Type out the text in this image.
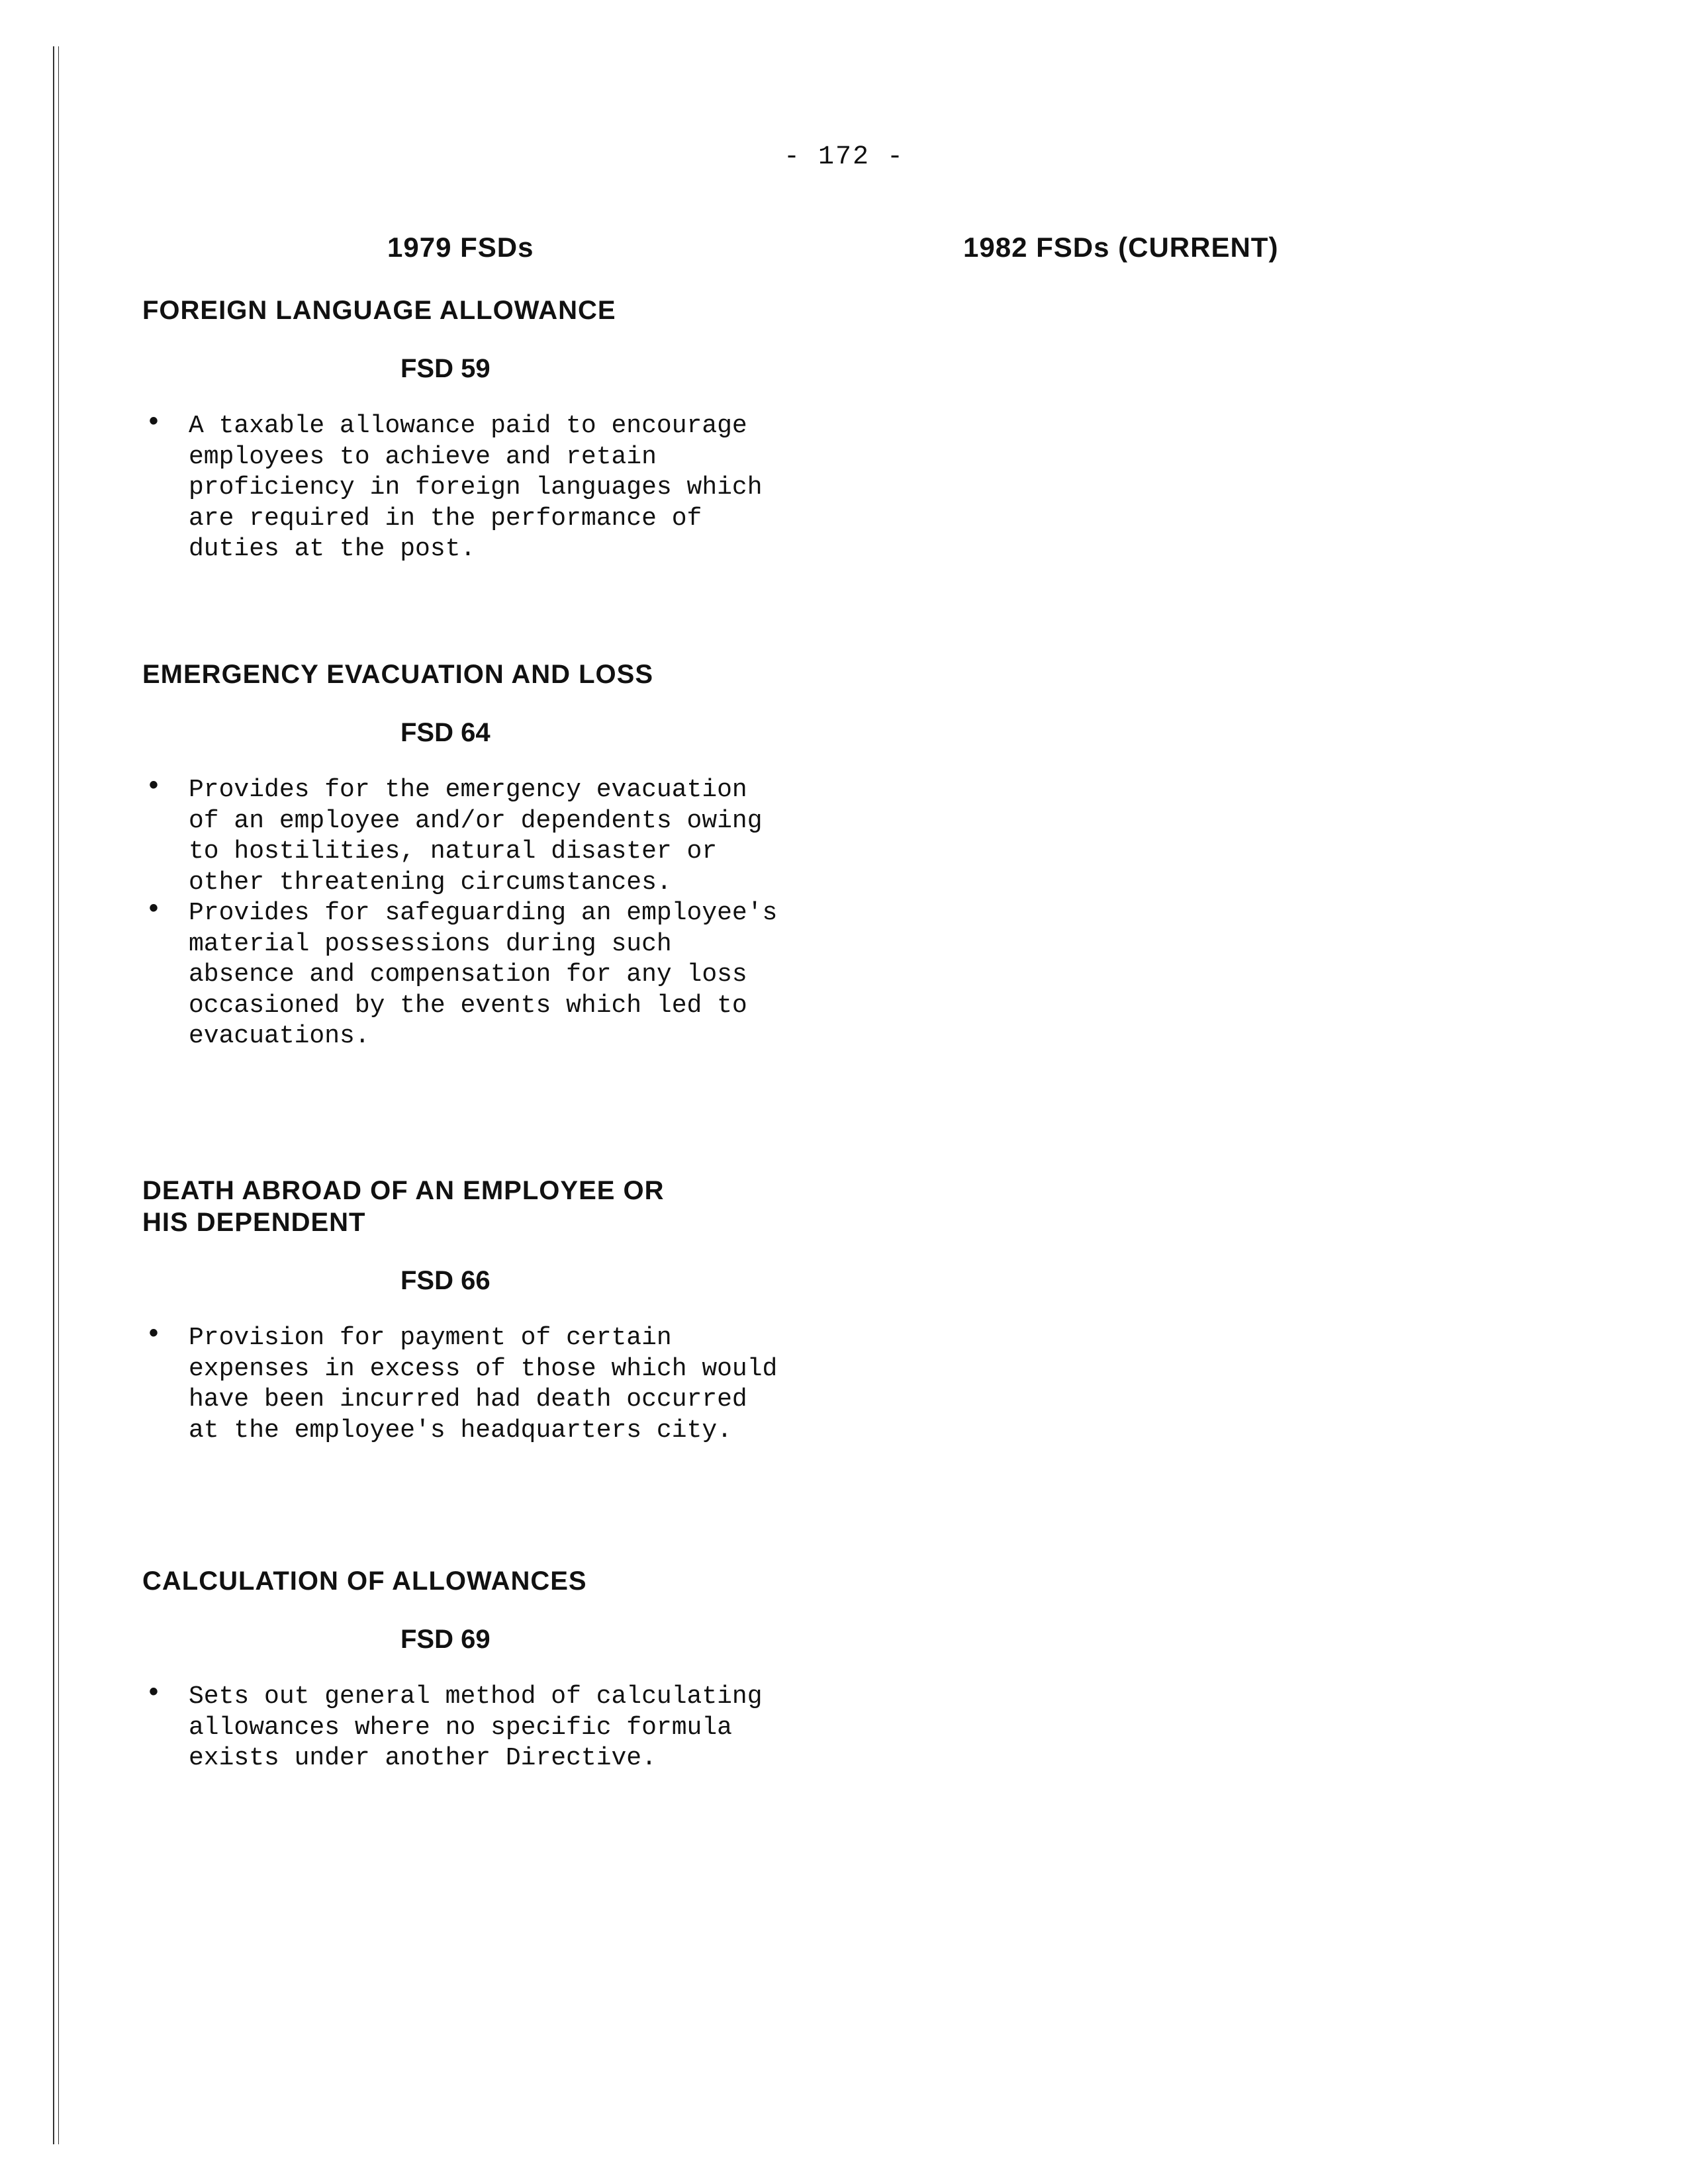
- 172 -
1979 FSDs	1982 FSDs (CURRENT)

FOREIGN LANGUAGE ALLOWANCE

FSD 59

• A taxable allowance paid to encourage employees to achieve and retain proficiency in foreign languages which are required in the performance of duties at the post.

EMERGENCY EVACUATION AND LOSS

FSD 64

• Provides for the emergency evacuation of an employee and/or dependents owing to hostilities, natural disaster or other threatening circumstances.
• Provides for safeguarding an employee's material possessions during such absence and compensation for any loss occasioned by the events which led to evacuations.

DEATH ABROAD OF AN EMPLOYEE OR HIS DEPENDENT

FSD 66

• Provision for payment of certain expenses in excess of those which would have been incurred had death occurred at the employee's headquarters city.

CALCULATION OF ALLOWANCES

FSD 69

• Sets out general method of calculating allowances where no specific formula exists under another Directive.
